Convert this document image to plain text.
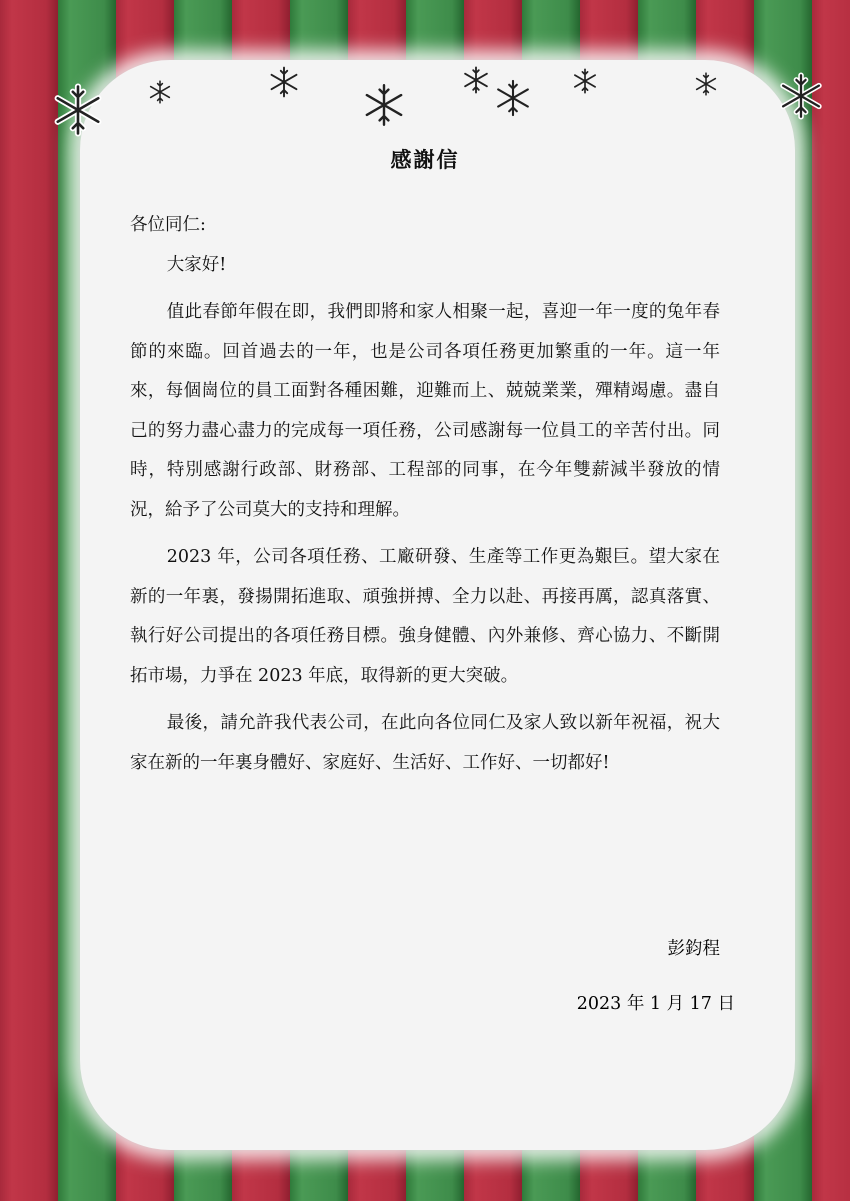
感謝信

各位同仁:

大家好!

值此春節年假在即，我們即將和家人相聚一起，喜迎一年一度的兔年春節的來臨。回首過去的一年，也是公司各項任務更加繁重的一年。這一年來，每個崗位的員工面對各種困難，迎難而上、兢兢業業，殫精竭慮。盡自己的努力盡心盡力的完成每一項任務，公司感謝每一位員工的辛苦付出。同時，特別感謝行政部、財務部、工程部的同事，在今年雙薪減半發放的情況，給予了公司莫大的支持和理解。

2023 年，公司各項任務、工廠研發、生產等工作更為艱巨。望大家在新的一年裏，發揚開拓進取、頑強拼搏、全力以赴、再接再厲，認真落實、執行好公司提出的各項任務目標。強身健體、內外兼修、齊心協力、不斷開拓市場，力爭在 2023 年底，取得新的更大突破。

最後，請允許我代表公司，在此向各位同仁及家人致以新年祝福，祝大家在新的一年裏身體好、家庭好、生活好、工作好、一切都好!

彭鈞程
2023 年 1 月 17 日
